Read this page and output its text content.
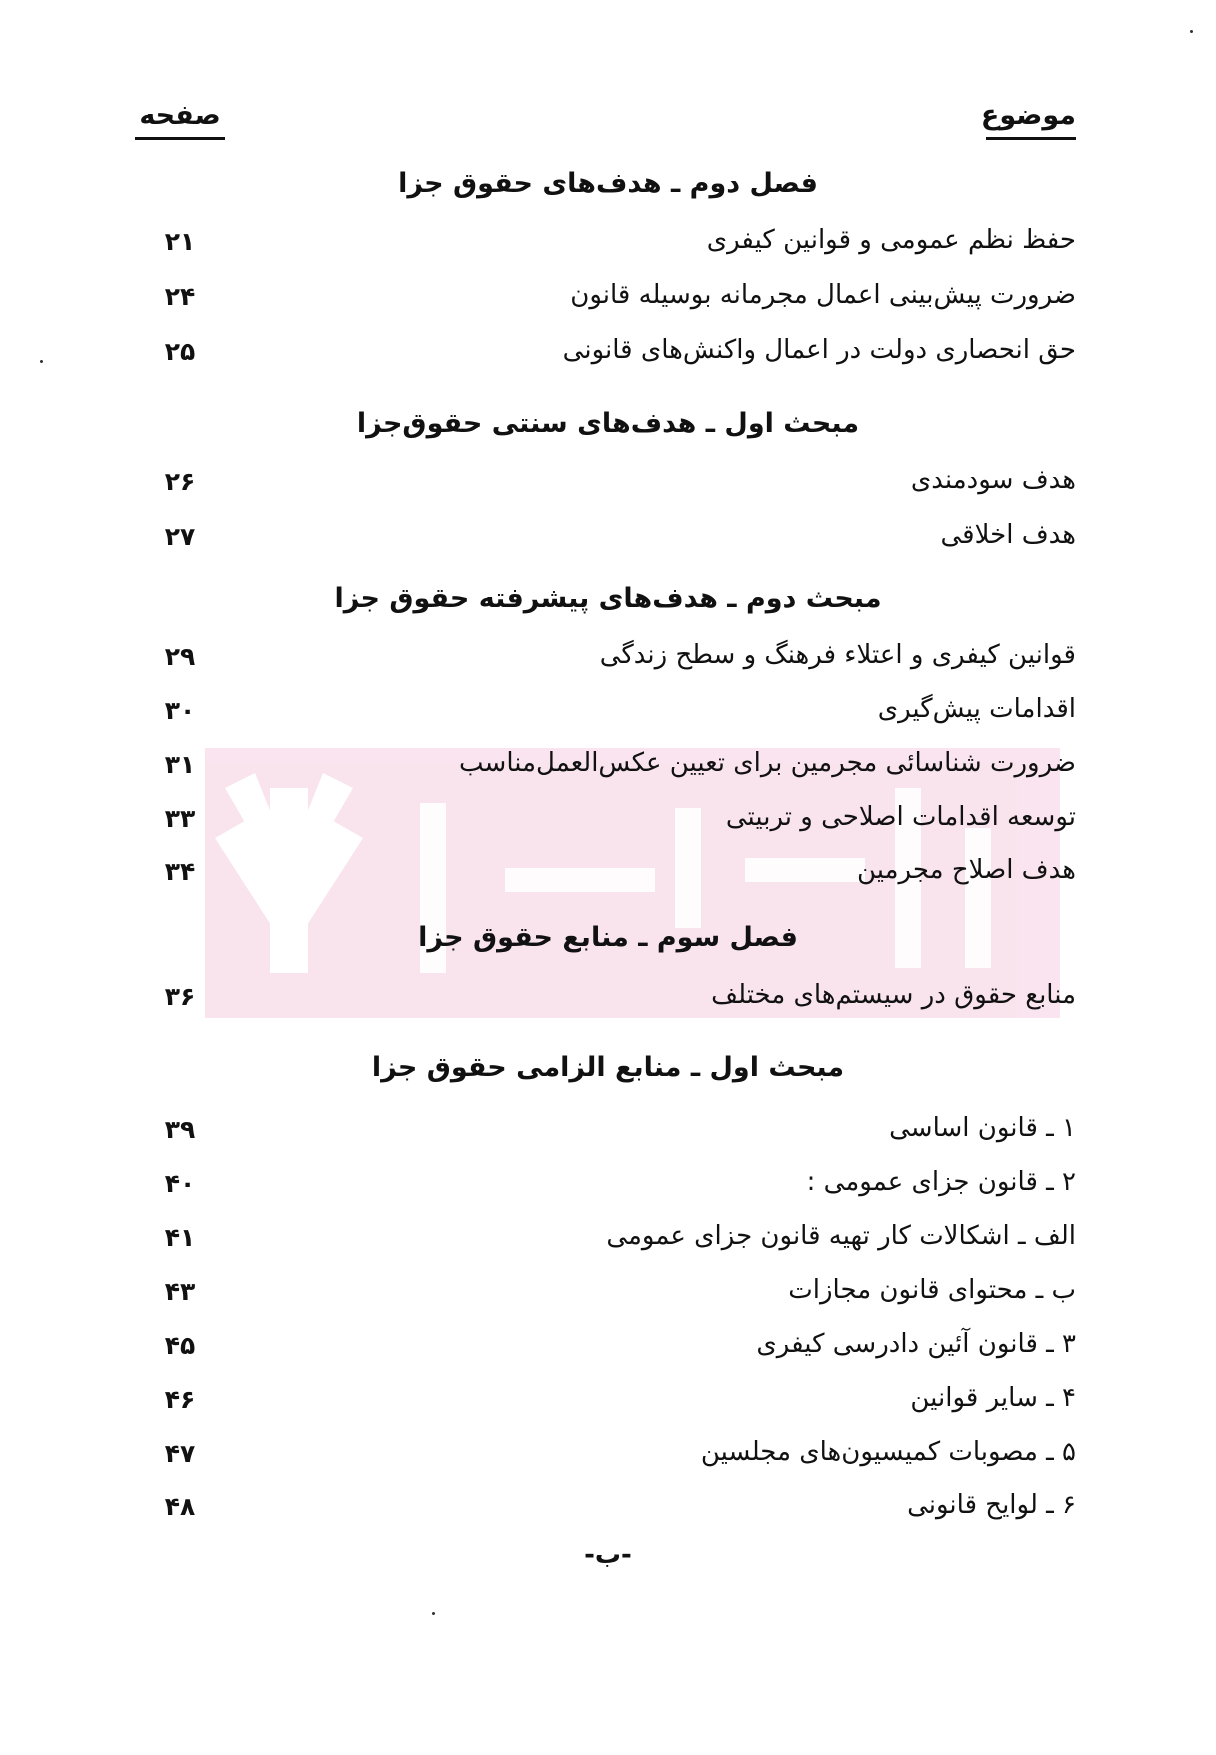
موضوع
صفحه
فصل دوم ـ هدف‌های حقوق جزا
حفظ نظم عمومی و قوانین کیفری
۲۱
ضرورت پیش‌بینی اعمال مجرمانه بوسیله قانون
۲۴
حق انحصاری دولت در اعمال واکنش‌های قانونی
۲۵
مبحث اول ـ هدف‌های سنتی حقوق‌جزا
هدف سودمندی
۲۶
هدف اخلاقی
۲۷
مبحث دوم ـ هدف‌های پیشرفته حقوق جزا
قوانین کیفری و اعتلاء فرهنگ و سطح زندگی
۲۹
اقدامات پیش‌گیری
۳۰
ضرورت شناسائی مجرمین برای تعیین عکس‌العمل‌مناسب
۳۱
توسعه اقدامات اصلاحی و تربیتی
۳۳
هدف اصلاح مجرمین
۳۴
فصل سوم ـ منابع حقوق جزا
منابع حقوق در سیستم‌های مختلف
۳۶
مبحث اول ـ منابع الزامی حقوق جزا
۱ ـ قانون اساسی
۳۹
۲ ـ قانون جزای عمومی :
۴۰
الف ـ اشکالات کار تهیه قانون جزای عمومی
۴۱
ب ـ محتوای قانون مجازات
۴۳
۳ ـ قانون آئین دادرسی کیفری
۴۵
۴ ـ سایر قوانین
۴۶
۵ ـ مصوبات کمیسیون‌های مجلسین
۴۷
۶ ـ لوایح قانونی
۴۸
-ب-
